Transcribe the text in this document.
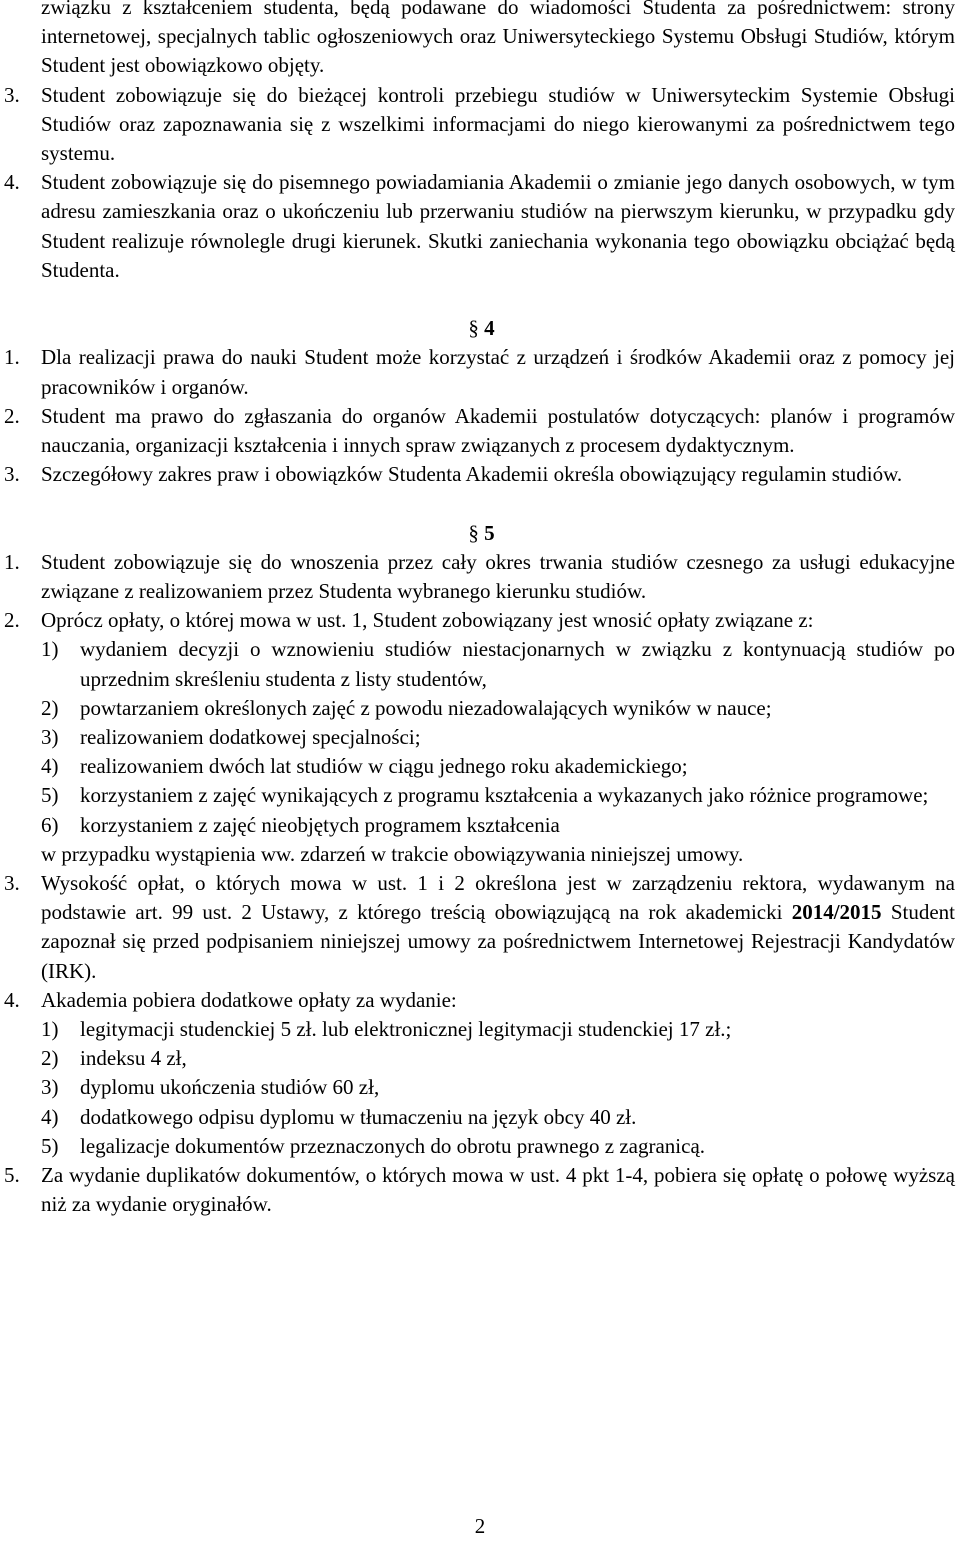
związku z kształceniem studenta, będą podawane do wiadomości Studenta za pośrednictwem: strony internetowej, specjalnych tablic ogłoszeniowych oraz Uniwersyteckiego Systemu Obsługi Studiów, którym Student jest obowiązkowo objęty.
3. Student zobowiązuje się do bieżącej kontroli przebiegu studiów w Uniwersyteckim Systemie Obsługi Studiów oraz zapoznawania się z wszelkimi informacjami do niego kierowanymi za pośrednictwem tego systemu.
4. Student zobowiązuje się do pisemnego powiadamiania Akademii o zmianie jego danych osobowych, w tym adresu zamieszkania oraz o ukończeniu lub przerwaniu studiów na pierwszym kierunku, w przypadku gdy Student realizuje równolegle drugi kierunek. Skutki zaniechania wykonania tego obowiązku obciążać będą Studenta.
§ 4
1. Dla realizacji prawa do nauki Student może korzystać z urządzeń i środków Akademii oraz z pomocy jej pracowników i organów.
2. Student ma prawo do zgłaszania do organów Akademii postulatów dotyczących: planów i programów nauczania, organizacji kształcenia i innych spraw związanych z procesem dydaktycznym.
3. Szczegółowy zakres praw i obowiązków Studenta Akademii określa obowiązujący regulamin studiów.
§ 5
1. Student zobowiązuje się do wnoszenia przez cały okres trwania studiów czesnego za usługi edukacyjne związane z realizowaniem przez Studenta wybranego kierunku studiów.
2. Oprócz opłaty, o której mowa w ust. 1, Student zobowiązany jest wnosić opłaty związane z:
1) wydaniem decyzji o wznowieniu studiów niestacjonarnych w związku z kontynuacją studiów po uprzednim skreśleniu studenta z listy studentów,
2) powtarzaniem określonych zajęć z powodu niezadowalających wyników w nauce;
3) realizowaniem dodatkowej specjalności;
4) realizowaniem dwóch lat studiów w ciągu jednego roku akademickiego;
5) korzystaniem z zajęć wynikających z programu kształcenia a wykazanych jako różnice programowe;
6) korzystaniem z zajęć nieobjętych programem kształcenia
w przypadku wystąpienia ww. zdarzeń w trakcie obowiązywania niniejszej umowy.
3. Wysokość opłat, o których mowa w ust. 1 i 2 określona jest w zarządzeniu rektora, wydawanym na podstawie art. 99 ust. 2 Ustawy, z którego treścią obowiązującą na rok akademicki 2014/2015 Student zapoznał się przed podpisaniem niniejszej umowy za pośrednictwem Internetowej Rejestracji Kandydatów (IRK).
4. Akademia pobiera dodatkowe opłaty za wydanie:
1) legitymacji studenckiej 5 zł. lub elektronicznej legitymacji studenckiej 17 zł.;
2) indeksu 4 zł,
3) dyplomu ukończenia studiów 60 zł,
4) dodatkowego odpisu dyplomu w tłumaczeniu na język obcy 40 zł.
5) legalizacje dokumentów przeznaczonych do obrotu prawnego z zagranicą.
5. Za wydanie duplikatów dokumentów, o których mowa w ust. 4 pkt 1-4, pobiera się opłatę o połowę wyższą niż za wydanie oryginałów.
2
